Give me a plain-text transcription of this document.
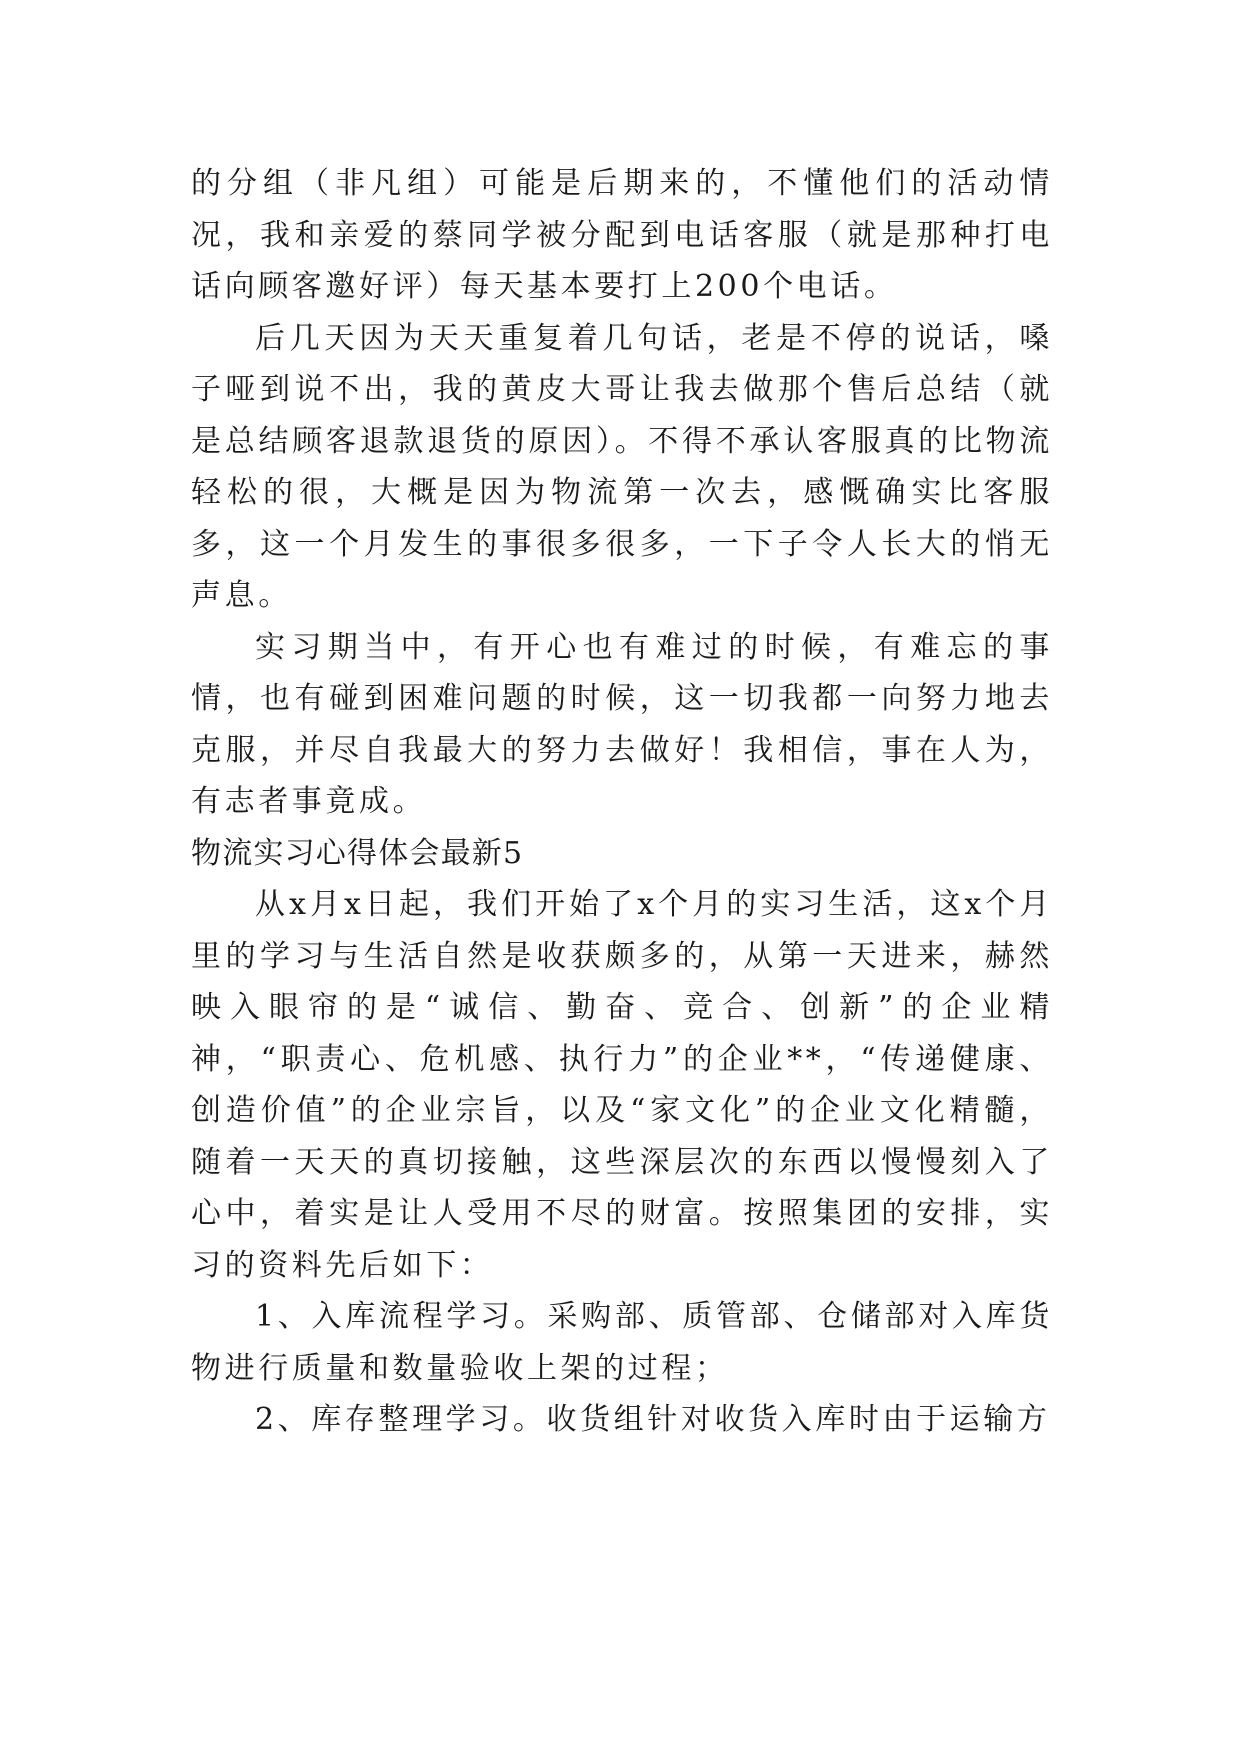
的分组（非凡组）可能是后期来的，不懂他们的活动情况，我和亲爱的蔡同学被分配到电话客服（就是那种打电话向顾客邀好评）每天基本要打上200个电话。

后几天因为天天重复着几句话，老是不停的说话，嗓子哑到说不出，我的黄皮大哥让我去做那个售后总结（就是总结顾客退款退货的原因）。不得不承认客服真的比物流轻松的很，大概是因为物流第一次去，感慨确实比客服多，这一个月发生的事很多很多，一下子令人长大的悄无声息。

实习期当中，有开心也有难过的时候，有难忘的事情，也有碰到困难问题的时候，这一切我都一向努力地去克服，并尽自我最大的努力去做好！我相信，事在人为，有志者事竟成。

物流实习心得体会最新5

从x月x日起，我们开始了x个月的实习生活，这x个月里的学习与生活自然是收获颇多的，从第一天进来，赫然映入眼帘的是“诚信、勤奋、竞合、创新”的企业精神，“职责心、危机感、执行力”的企业**，“传递健康、创造价值”的企业宗旨，以及“家文化”的企业文化精髓，随着一天天的真切接触，这些深层次的东西以慢慢刻入了心中，着实是让人受用不尽的财富。按照集团的安排，实习的资料先后如下：

1、入库流程学习。采购部、质管部、仓储部对入库货物进行质量和数量验收上架的过程；

2、库存整理学习。收货组针对收货入库时由于运输方
